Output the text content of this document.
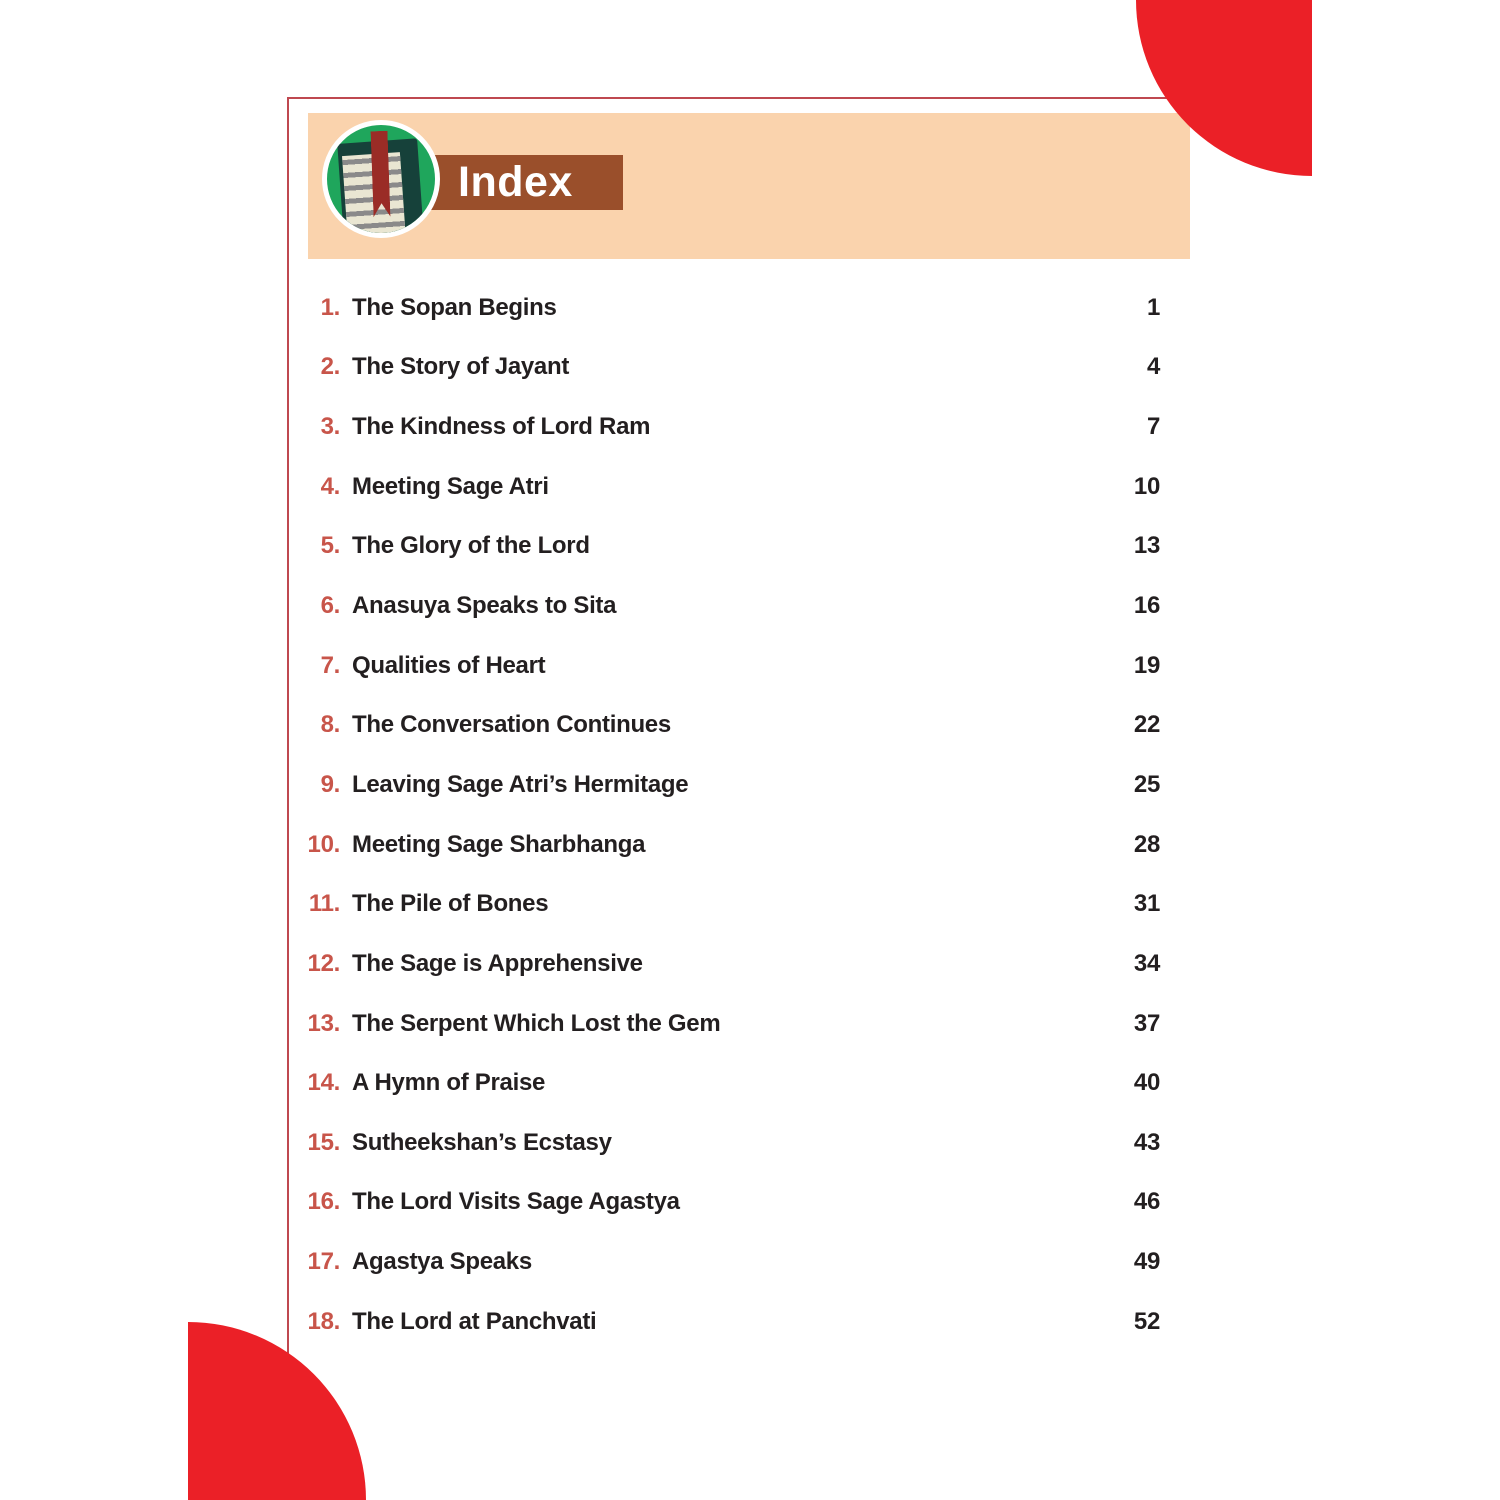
Index
1. The Sopan Begins	1
2. The Story of Jayant	4
3. The Kindness of Lord Ram	7
4. Meeting Sage Atri	10
5. The Glory of the Lord	13
6. Anasuya Speaks to Sita	16
7. Qualities of Heart	19
8. The Conversation Continues	22
9. Leaving Sage Atri’s Hermitage	25
10. Meeting Sage Sharbhanga	28
11. The Pile of Bones	31
12. The Sage is Apprehensive	34
13. The Serpent Which Lost the Gem	37
14. A Hymn of Praise	40
15. Sutheekshan’s Ecstasy	43
16. The Lord Visits Sage Agastya	46
17. Agastya Speaks	49
18. The Lord at Panchvati	52
